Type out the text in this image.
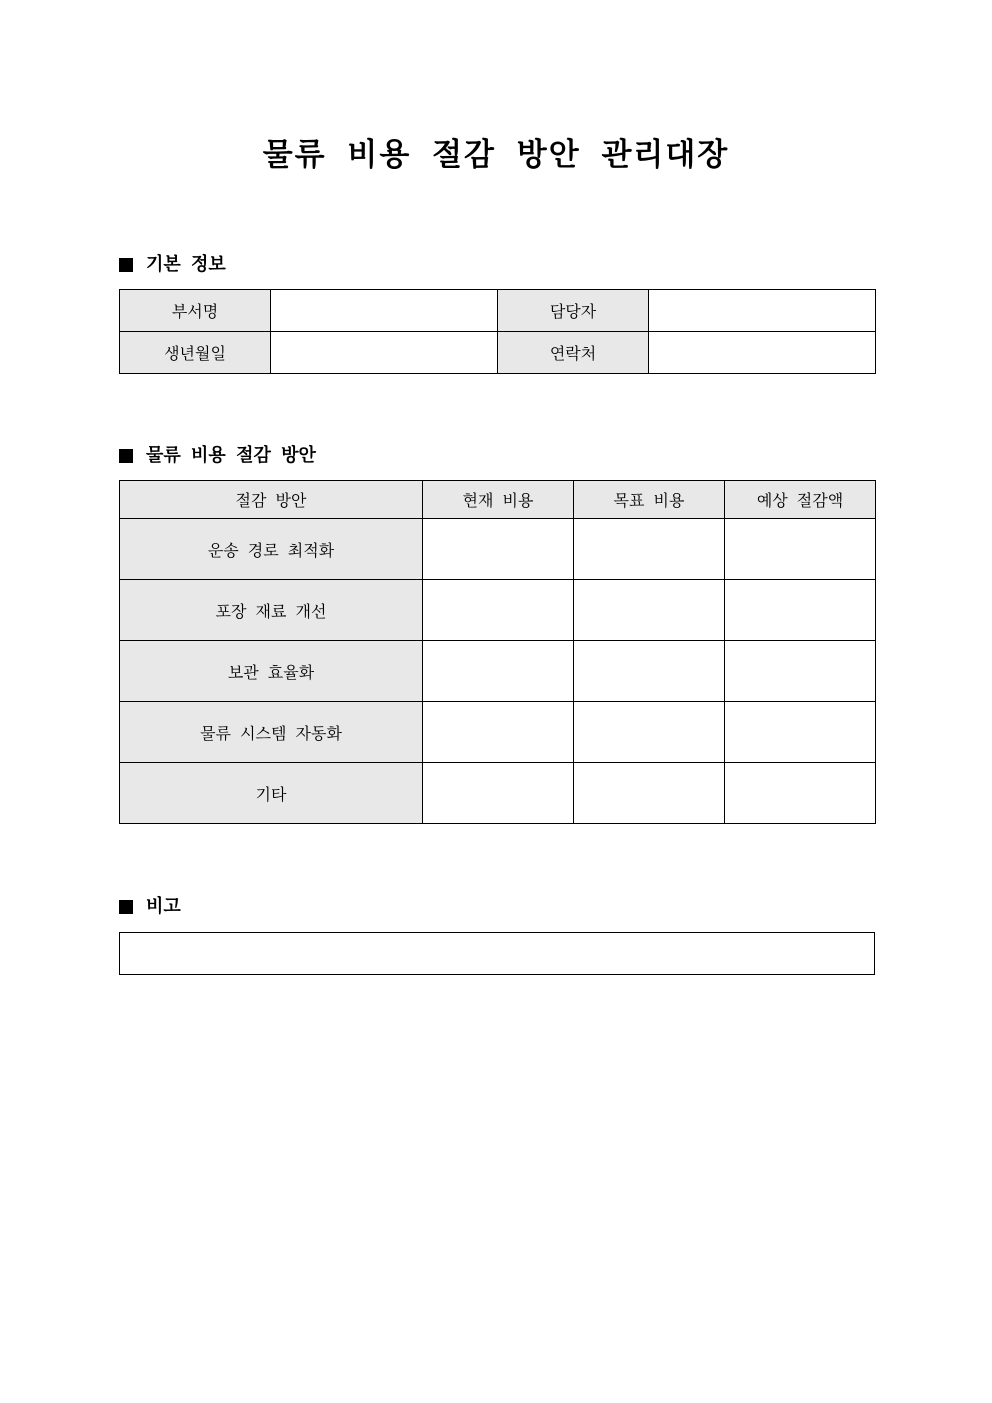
물류 비용 절감 방안 관리대장
기본 정보
부서명		담당자	
생년월일		연락처	
물류 비용 절감 방안
절감 방안	현재 비용	목표 비용	예상 절감액
운송 경로 최적화			
포장 재료 개선			
보관 효율화			
물류 시스템 자동화			
기타			
비고
